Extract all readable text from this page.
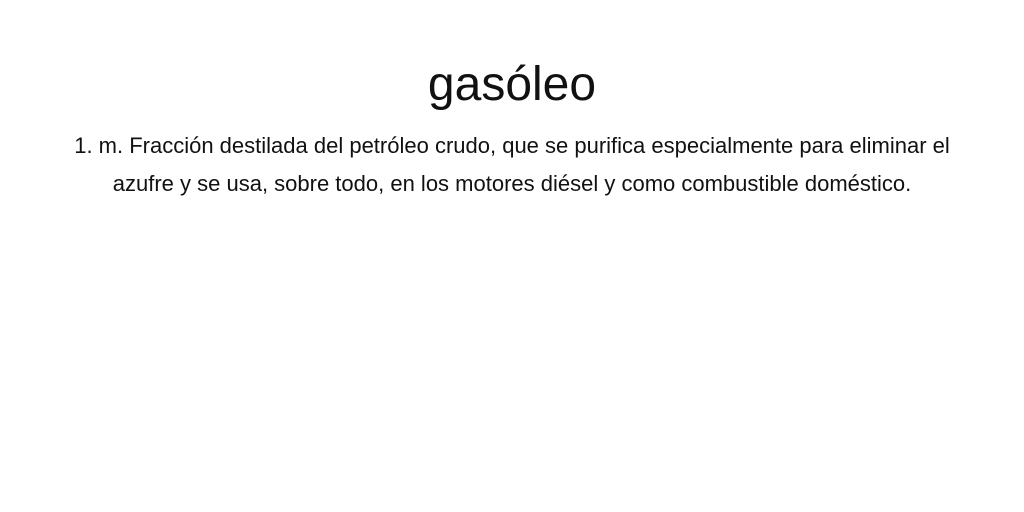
gasóleo

1. m. Fracción destilada del petróleo crudo, que se purifica especialmente para eliminar el azufre y se usa, sobre todo, en los motores diésel y como combustible doméstico.
